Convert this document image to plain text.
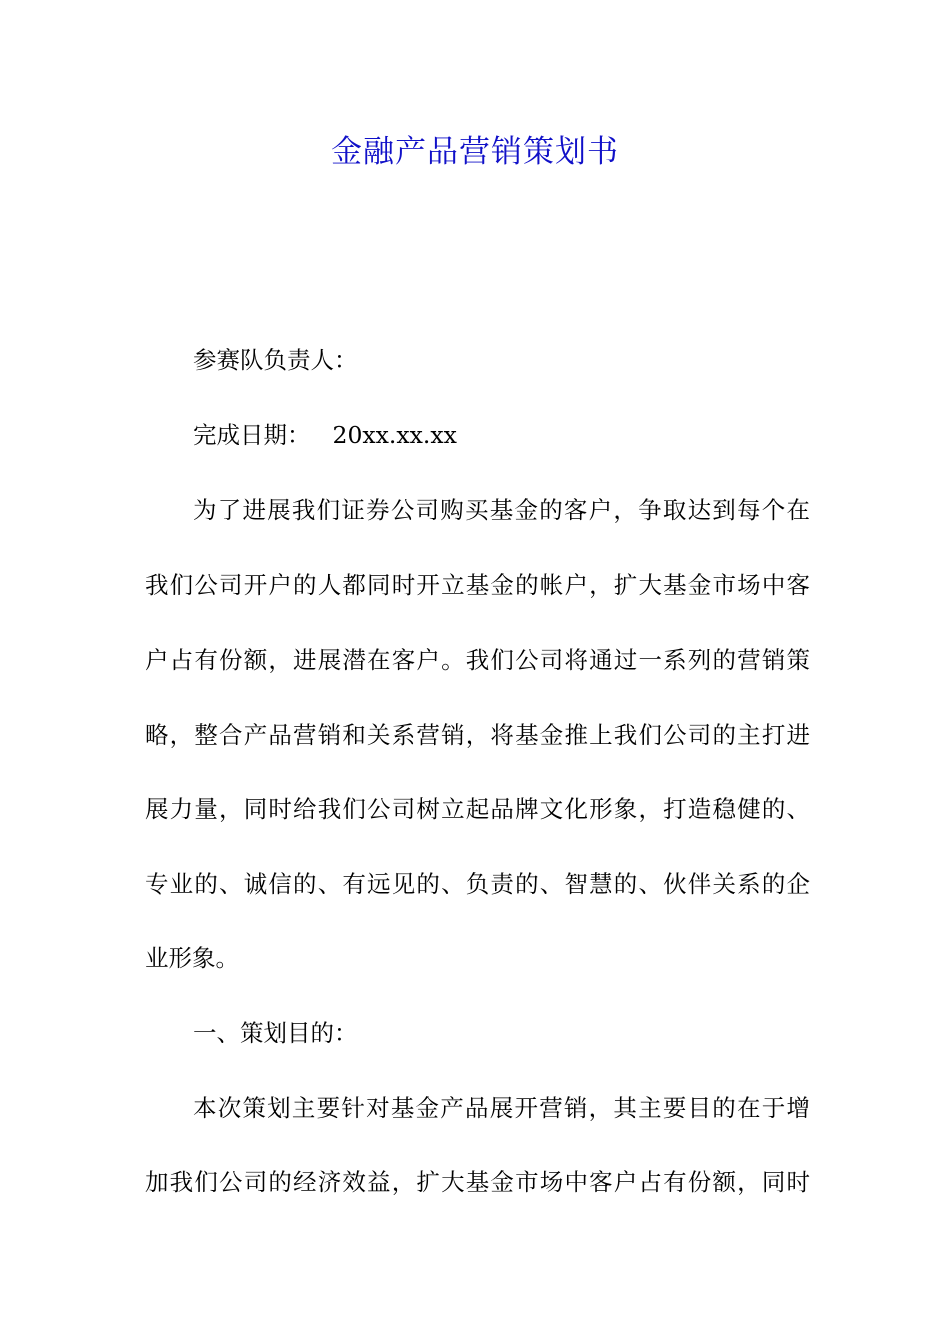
金融产品营销策划书

参赛队负责人：

完成日期： 20xx.xx.xx

为了进展我们证券公司购买基金的客户，争取达到每个在

我们公司开户的人都同时开立基金的帐户，扩大基金市场中客

户占有份额，进展潜在客户。我们公司将通过一系列的营销策

略，整合产品营销和关系营销，将基金推上我们公司的主打进

展力量，同时给我们公司树立起品牌文化形象，打造稳健的、

专业的、诚信的、有远见的、负责的、智慧的、伙伴关系的企

业形象。

一、策划目的：

本次策划主要针对基金产品展开营销，其主要目的在于增

加我们公司的经济效益，扩大基金市场中客户占有份额，同时
